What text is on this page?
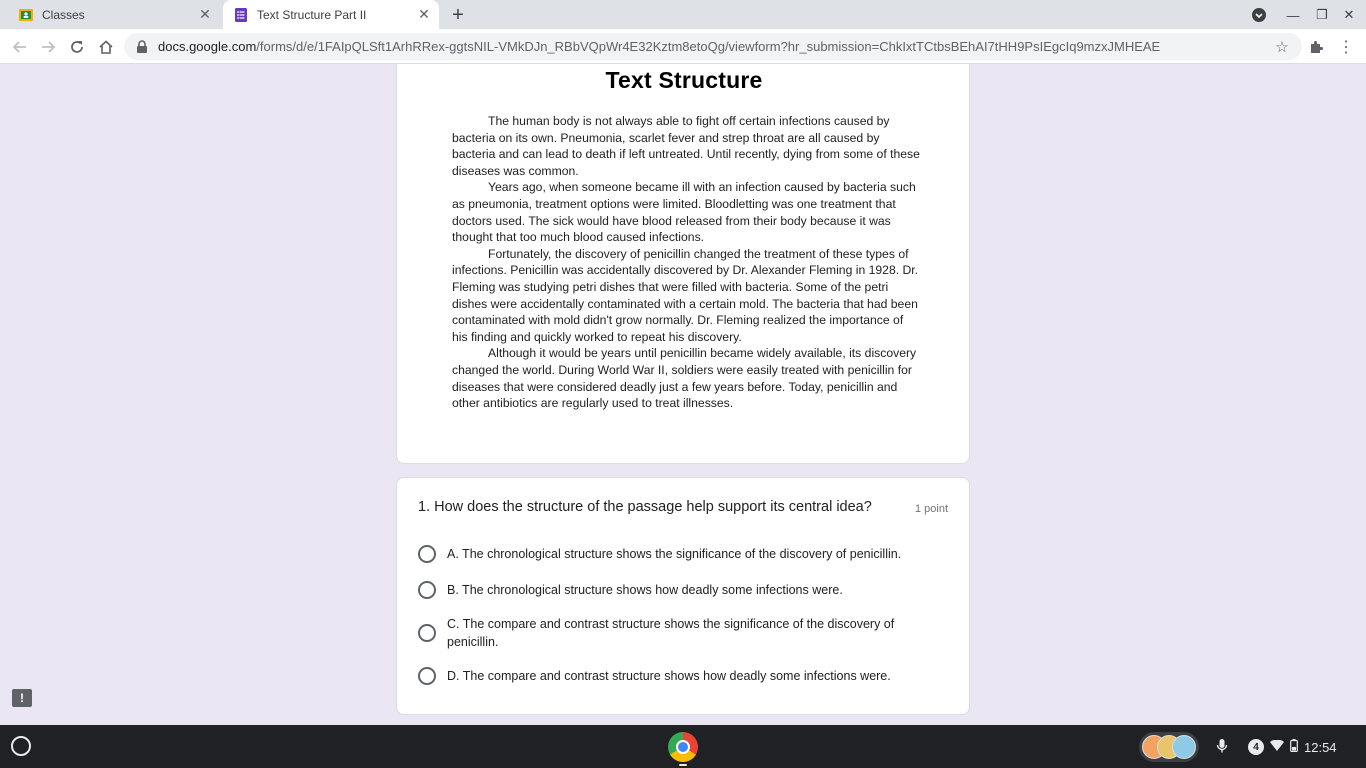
Classes	✕	Text Structure Part II	✕	+	—	❐	✕
docs.google.com/forms/d/e/1FAIpQLSft1ArhRRex-ggtsNIL-VMkDJn_RBbVQpWr4E32Kztm8etoQg/viewform?hr_submission=ChkIxtTCtbsBEhAI7tHH9PsIEgcIq9mzxJMHEAE	☆	⋮
Text Structure

The human body is not always able to fight off certain infections caused by bacteria on its own. Pneumonia, scarlet fever and strep throat are all caused by bacteria and can lead to death if left untreated. Until recently, dying from some of these diseases was common.

Years ago, when someone became ill with an infection caused by bacteria such as pneumonia, treatment options were limited. Bloodletting was one treatment that doctors used. The sick would have blood released from their body because it was thought that too much blood caused infections.

Fortunately, the discovery of penicillin changed the treatment of these types of infections. Penicillin was accidentally discovered by Dr. Alexander Fleming in 1928. Dr. Fleming was studying petri dishes that were filled with bacteria. Some of the petri dishes were accidentally contaminated with a certain mold. The bacteria that had been contaminated with mold didn't grow normally. Dr. Fleming realized the importance of his finding and quickly worked to repeat his discovery.

Although it would be years until penicillin became widely available, its discovery changed the world. During World War II, soldiers were easily treated with penicillin for diseases that were considered deadly just a few years before. Today, penicillin and other antibiotics are regularly used to treat illnesses.

1. How does the structure of the passage help support its central idea?	1 point
A. The chronological structure shows the significance of the discovery of penicillin.
B. The chronological structure shows how deadly some infections were.
C. The compare and contrast structure shows the significance of the discovery of penicillin.
D. The compare and contrast structure shows how deadly some infections were.
!
4	12:54
